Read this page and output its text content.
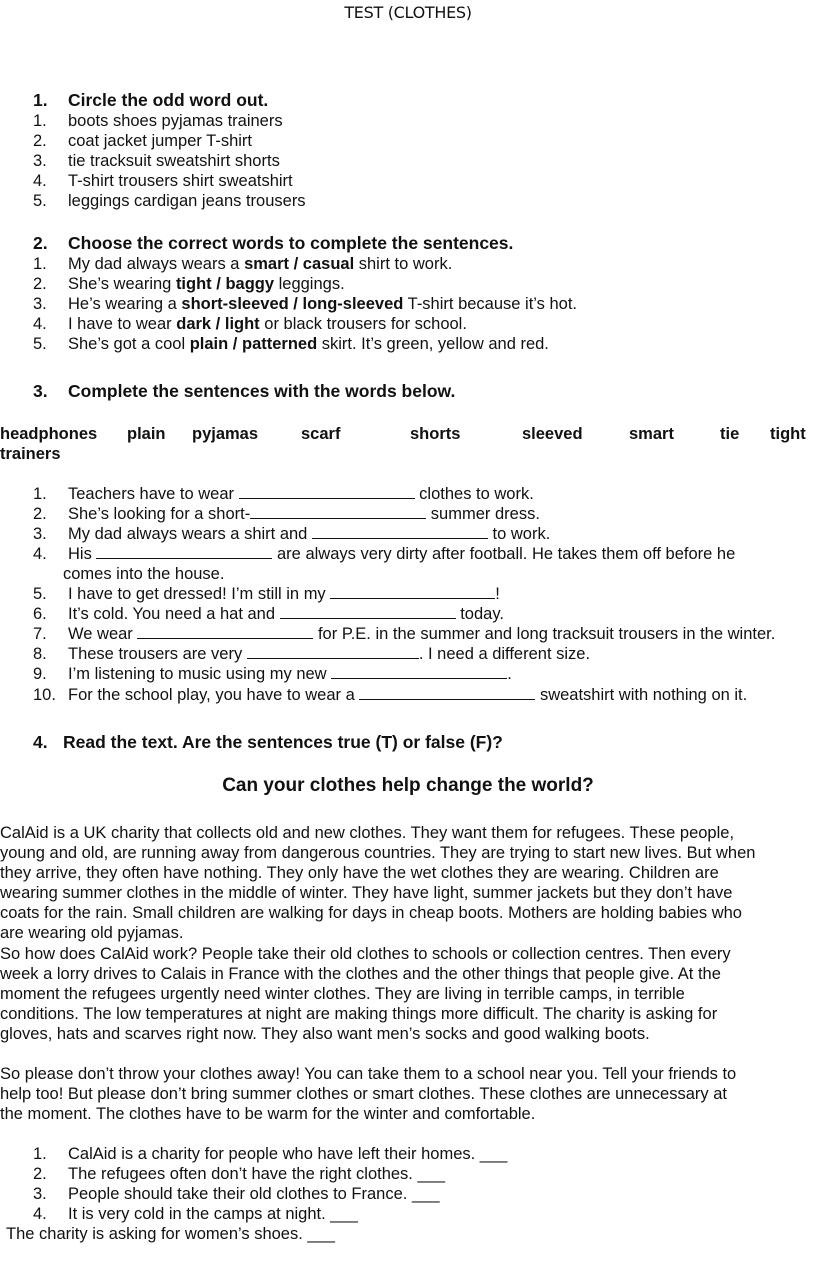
TEST (CLOTHES)
1. Circle the odd word out.
1. boots shoes pyjamas trainers
2. coat jacket jumper T-shirt
3. tie tracksuit sweatshirt shorts
4. T-shirt trousers shirt sweatshirt
5. leggings cardigan jeans trousers
2. Choose the correct words to complete the sentences.
1. My dad always wears a smart / casual shirt to work.
2. She’s wearing tight / baggy leggings.
3. He’s wearing a short-sleeved / long-sleeved T-shirt because it’s hot.
4. I have to wear dark / light or black trousers for school.
5. She’s got a cool plain / patterned skirt. It’s green, yellow and red.
3. Complete the sentences with the words below.
headphones plain pyjamas	scarf	shorts	sleeved	smart	tie tight
trainers
1. Teachers have to wear	clothes to work.
2. She’s looking for a short-	summer dress.
3. My dad always wears a shirt and	to work.
4. His	are always very dirty after football. He takes them off before he
comes into the house.
5. I have to get dressed! I’m still in my	!
6. It’s cold. You need a hat and	today.
7. We wear	for P.E. in the summer and long tracksuit trousers in the winter.
8. These trousers are very	. I need a different size.
9. I’m listening to music using my new	.
10. For the school play, you have to wear a	sweatshirt with nothing on it.
4. Read the text. Are the sentences true (T) or false (F)?
Can your clothes help change the world?
CalAid is a UK charity that collects old and new clothes. They want them for refugees. These people, young and old, are running away from dangerous countries. They are trying to start new lives. But when they arrive, they often have nothing. They only have the wet clothes they are wearing. Children are wearing summer clothes in the middle of winter. They have light, summer jackets but they don’t have coats for the rain. Small children are walking for days in cheap boots. Mothers are holding babies who are wearing old pyjamas.
So how does CalAid work? People take their old clothes to schools or collection centres. Then every week a lorry drives to Calais in France with the clothes and the other things that people give. At the moment the refugees urgently need winter clothes. They are living in terrible camps, in terrible conditions. The low temperatures at night are making things more difficult. The charity is asking for gloves, hats and scarves right now. They also want men’s socks and good walking boots.
So please don’t throw your clothes away! You can take them to a school near you. Tell your friends to help too! But please don’t bring summer clothes or smart clothes. These clothes are unnecessary at the moment. The clothes have to be warm for the winter and comfortable.
1. CalAid is a charity for people who have left their homes. ___
2. The refugees often don’t have the right clothes. ___
3. People should take their old clothes to France. ___
4. It is very cold in the camps at night. ___
The charity is asking for women’s shoes. ___
